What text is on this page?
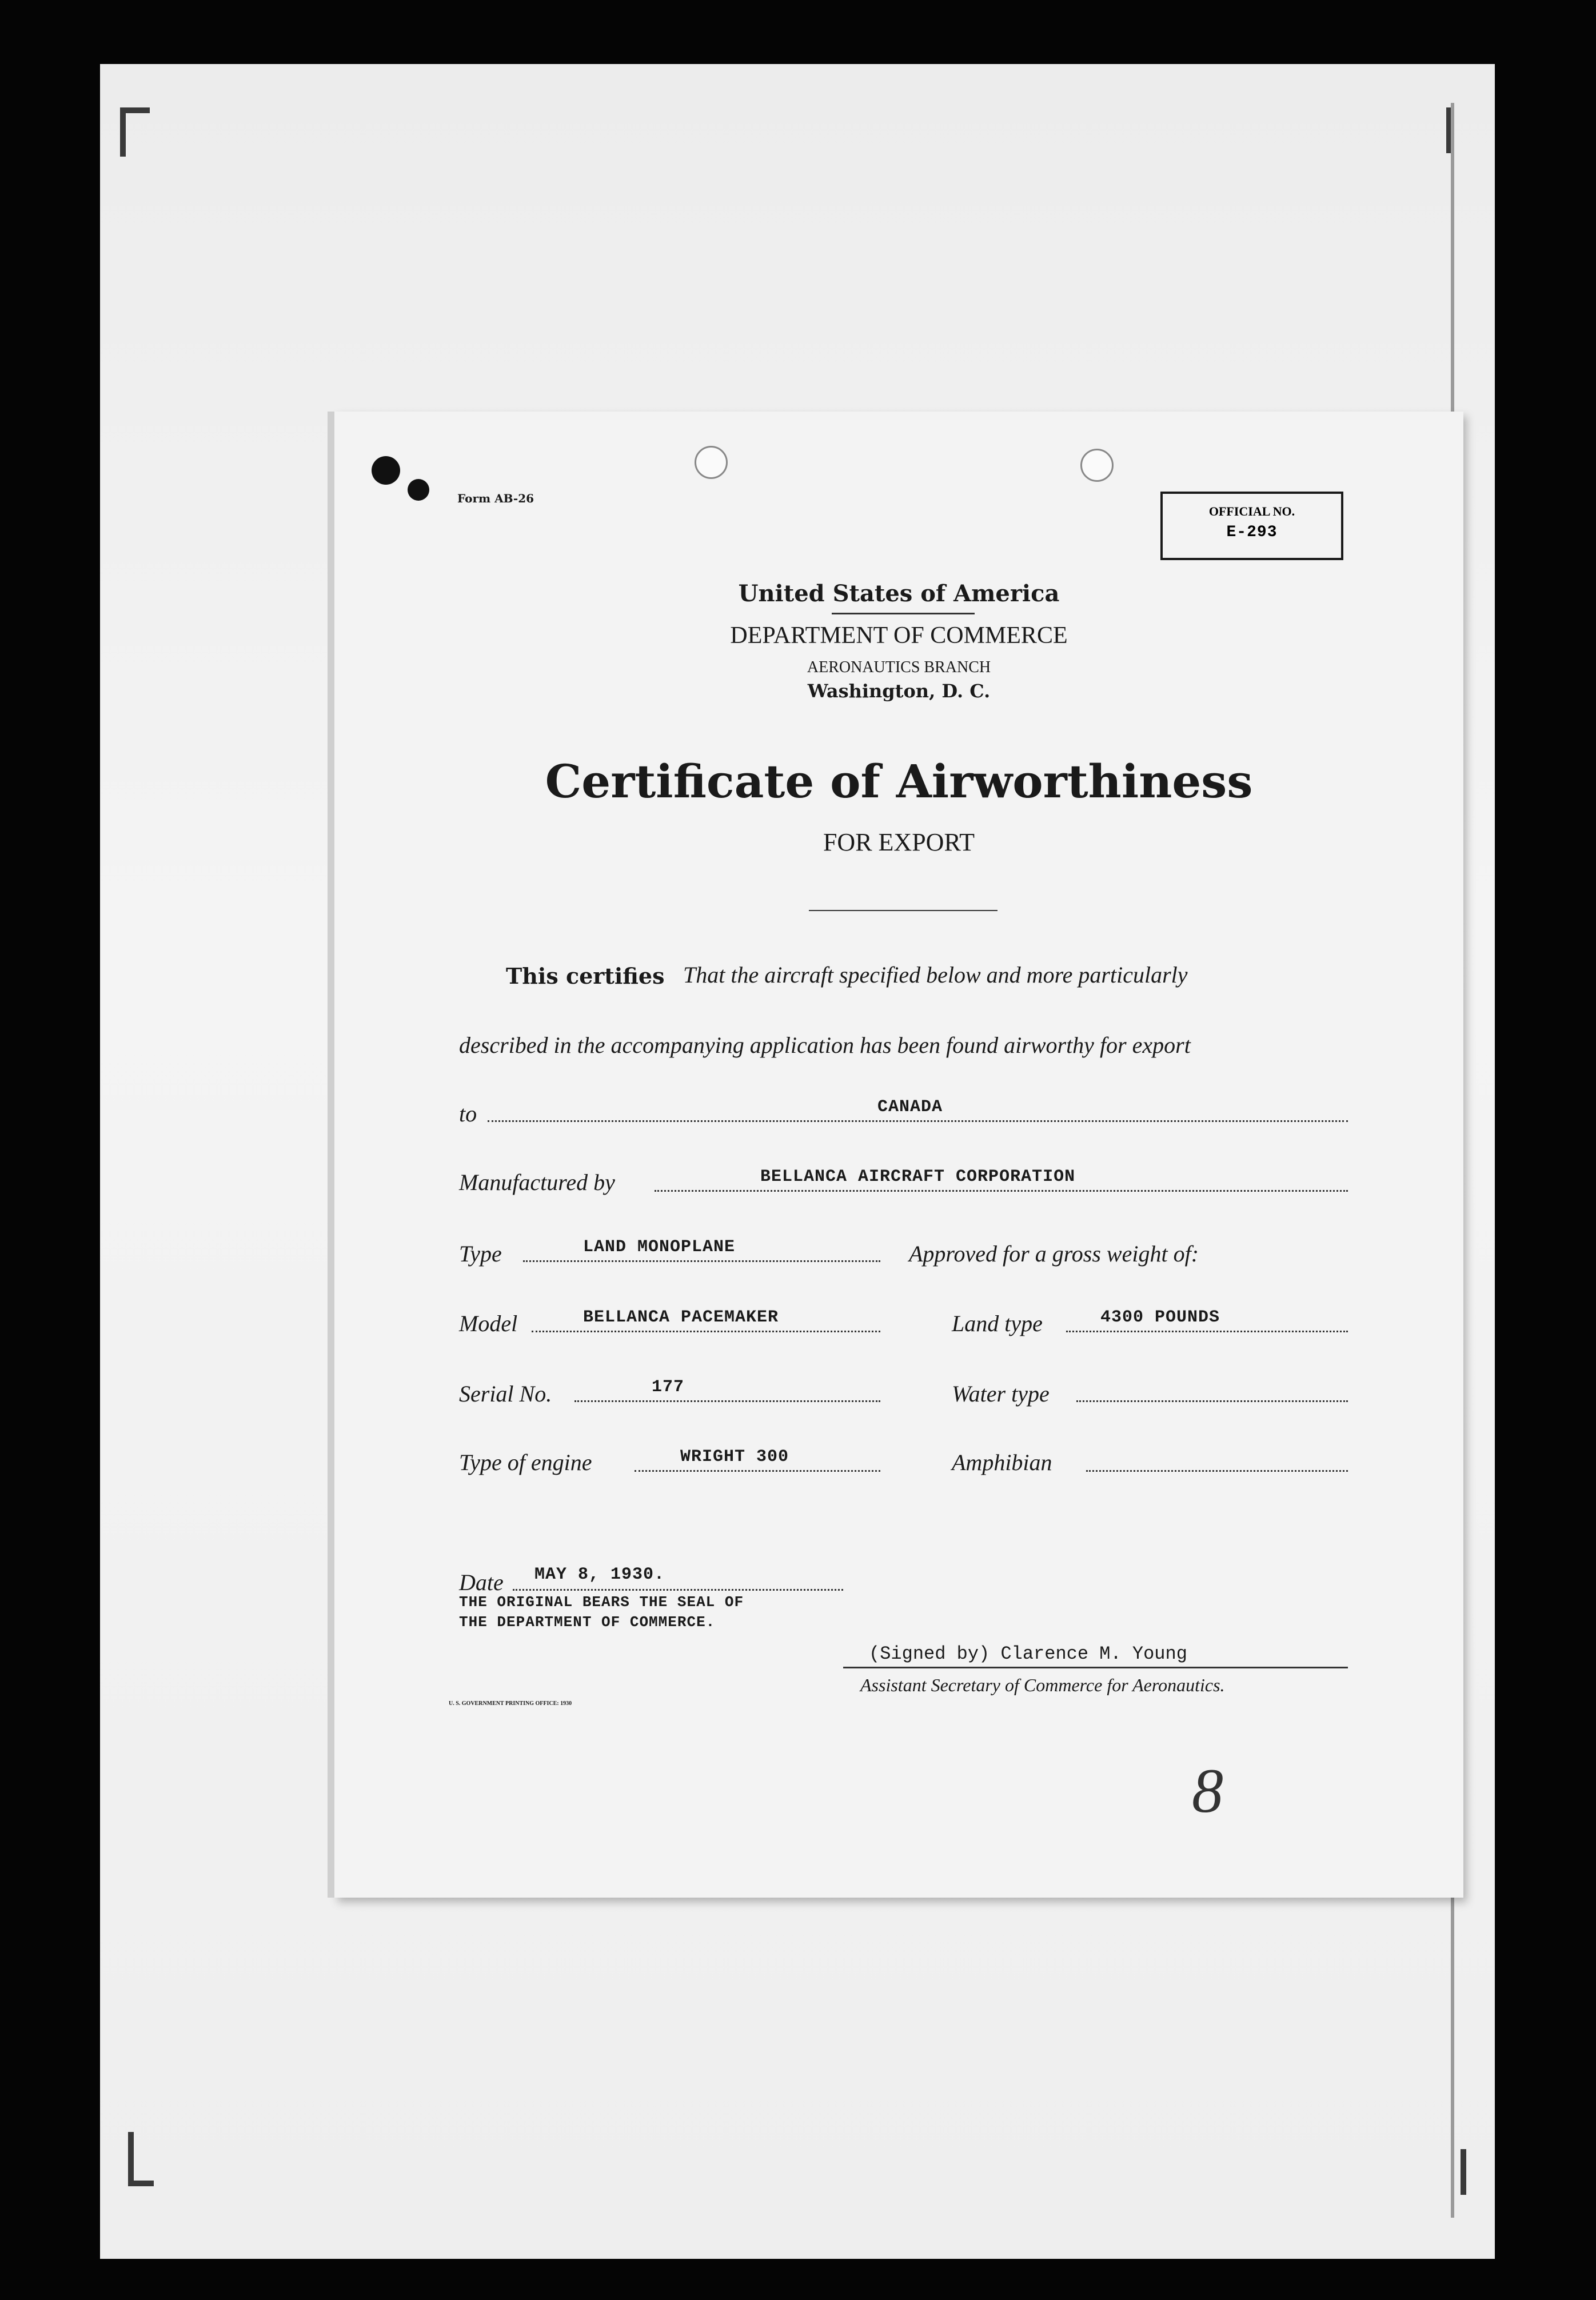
Form AB-26
OFFICIAL NO.
E-293
United States of America
DEPARTMENT OF COMMERCE
AERONAUTICS BRANCH
Washington, D. C.
Certificate of Airworthiness
FOR EXPORT
This certifies That the aircraft specified below and more particularly
described in the accompanying application has been found airworthy for export
to	CANADA
Manufactured by	BELLANCA AIRCRAFT CORPORATION
Type	LAND MONOPLANE	Approved for a gross weight of:
Model	BELLANCA PACEMAKER	Land type	4300 POUNDS
Serial No.	177	Water type
Type of engine	WRIGHT 300	Amphibian
Date MAY 8, 1930.
THE ORIGINAL BEARS THE SEAL OF
THE DEPARTMENT OF COMMERCE.
(Signed by) Clarence M. Young
Assistant Secretary of Commerce for Aeronautics.
U. S. GOVERNMENT PRINTING OFFICE: 1930
8
